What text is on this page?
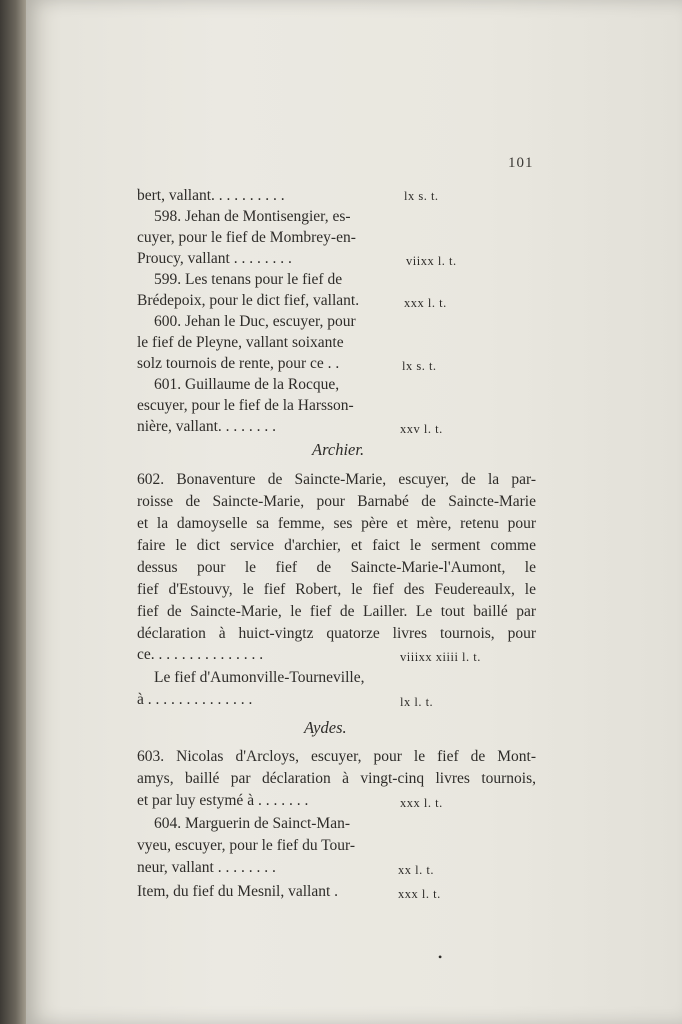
101
bert, vallant. . . . . . . . . .	lx s. t.
598. Jehan de Montisengier, es-
cuyer, pour le fief de Mombrey-en-
Proucy, vallant . . . . . . . .	viixx l. t.
599. Les tenans pour le fief de
Brédepoix, pour le dict fief, vallant.	xxx l. t.
600. Jehan le Duc, escuyer, pour
le fief de Pleyne, vallant soixante
solz tournois de rente, pour ce . .	lx s. t.
601. Guillaume de la Rocque,
escuyer, pour le fief de la Harsson-
nière, vallant. . . . . . . .	xxv l. t.
Archier.
602. Bonaventure de Saincte-Marie, escuyer, de la par-
roisse de Saincte-Marie, pour Barnabé de Saincte-Marie
et la damoyselle sa femme, ses père et mère, retenu pour
faire le dict service d'archier, et faict le serment comme
dessus pour le fief de Saincte-Marie-l'Aumont, le
fief d'Estouvy, le fief Robert, le fief des Feudereaulx, le
fief de Saincte-Marie, le fief de Lailler. Le tout baillé par
déclaration à huict-vingtz quatorze livres tournois, pour
ce. . . . . . . . . . . . . . .	viiixx xiiii l. t.
Le fief d'Aumonville-Tourneville,
à . . . . . . . . . . . . . .	lx l. t.
Aydes.
603. Nicolas d'Arcloys, escuyer, pour le fief de Mont-
amys, baillé par déclaration à vingt-cinq livres tournois,
et par luy estymé à . . . . . . .	xxx l. t.
604. Marguerin de Sainct-Man-
vyeu, escuyer, pour le fief du Tour-
neur, vallant . . . . . . . .	xx l. t.
Item, du fief du Mesnil, vallant .	xxx l. t.
•
